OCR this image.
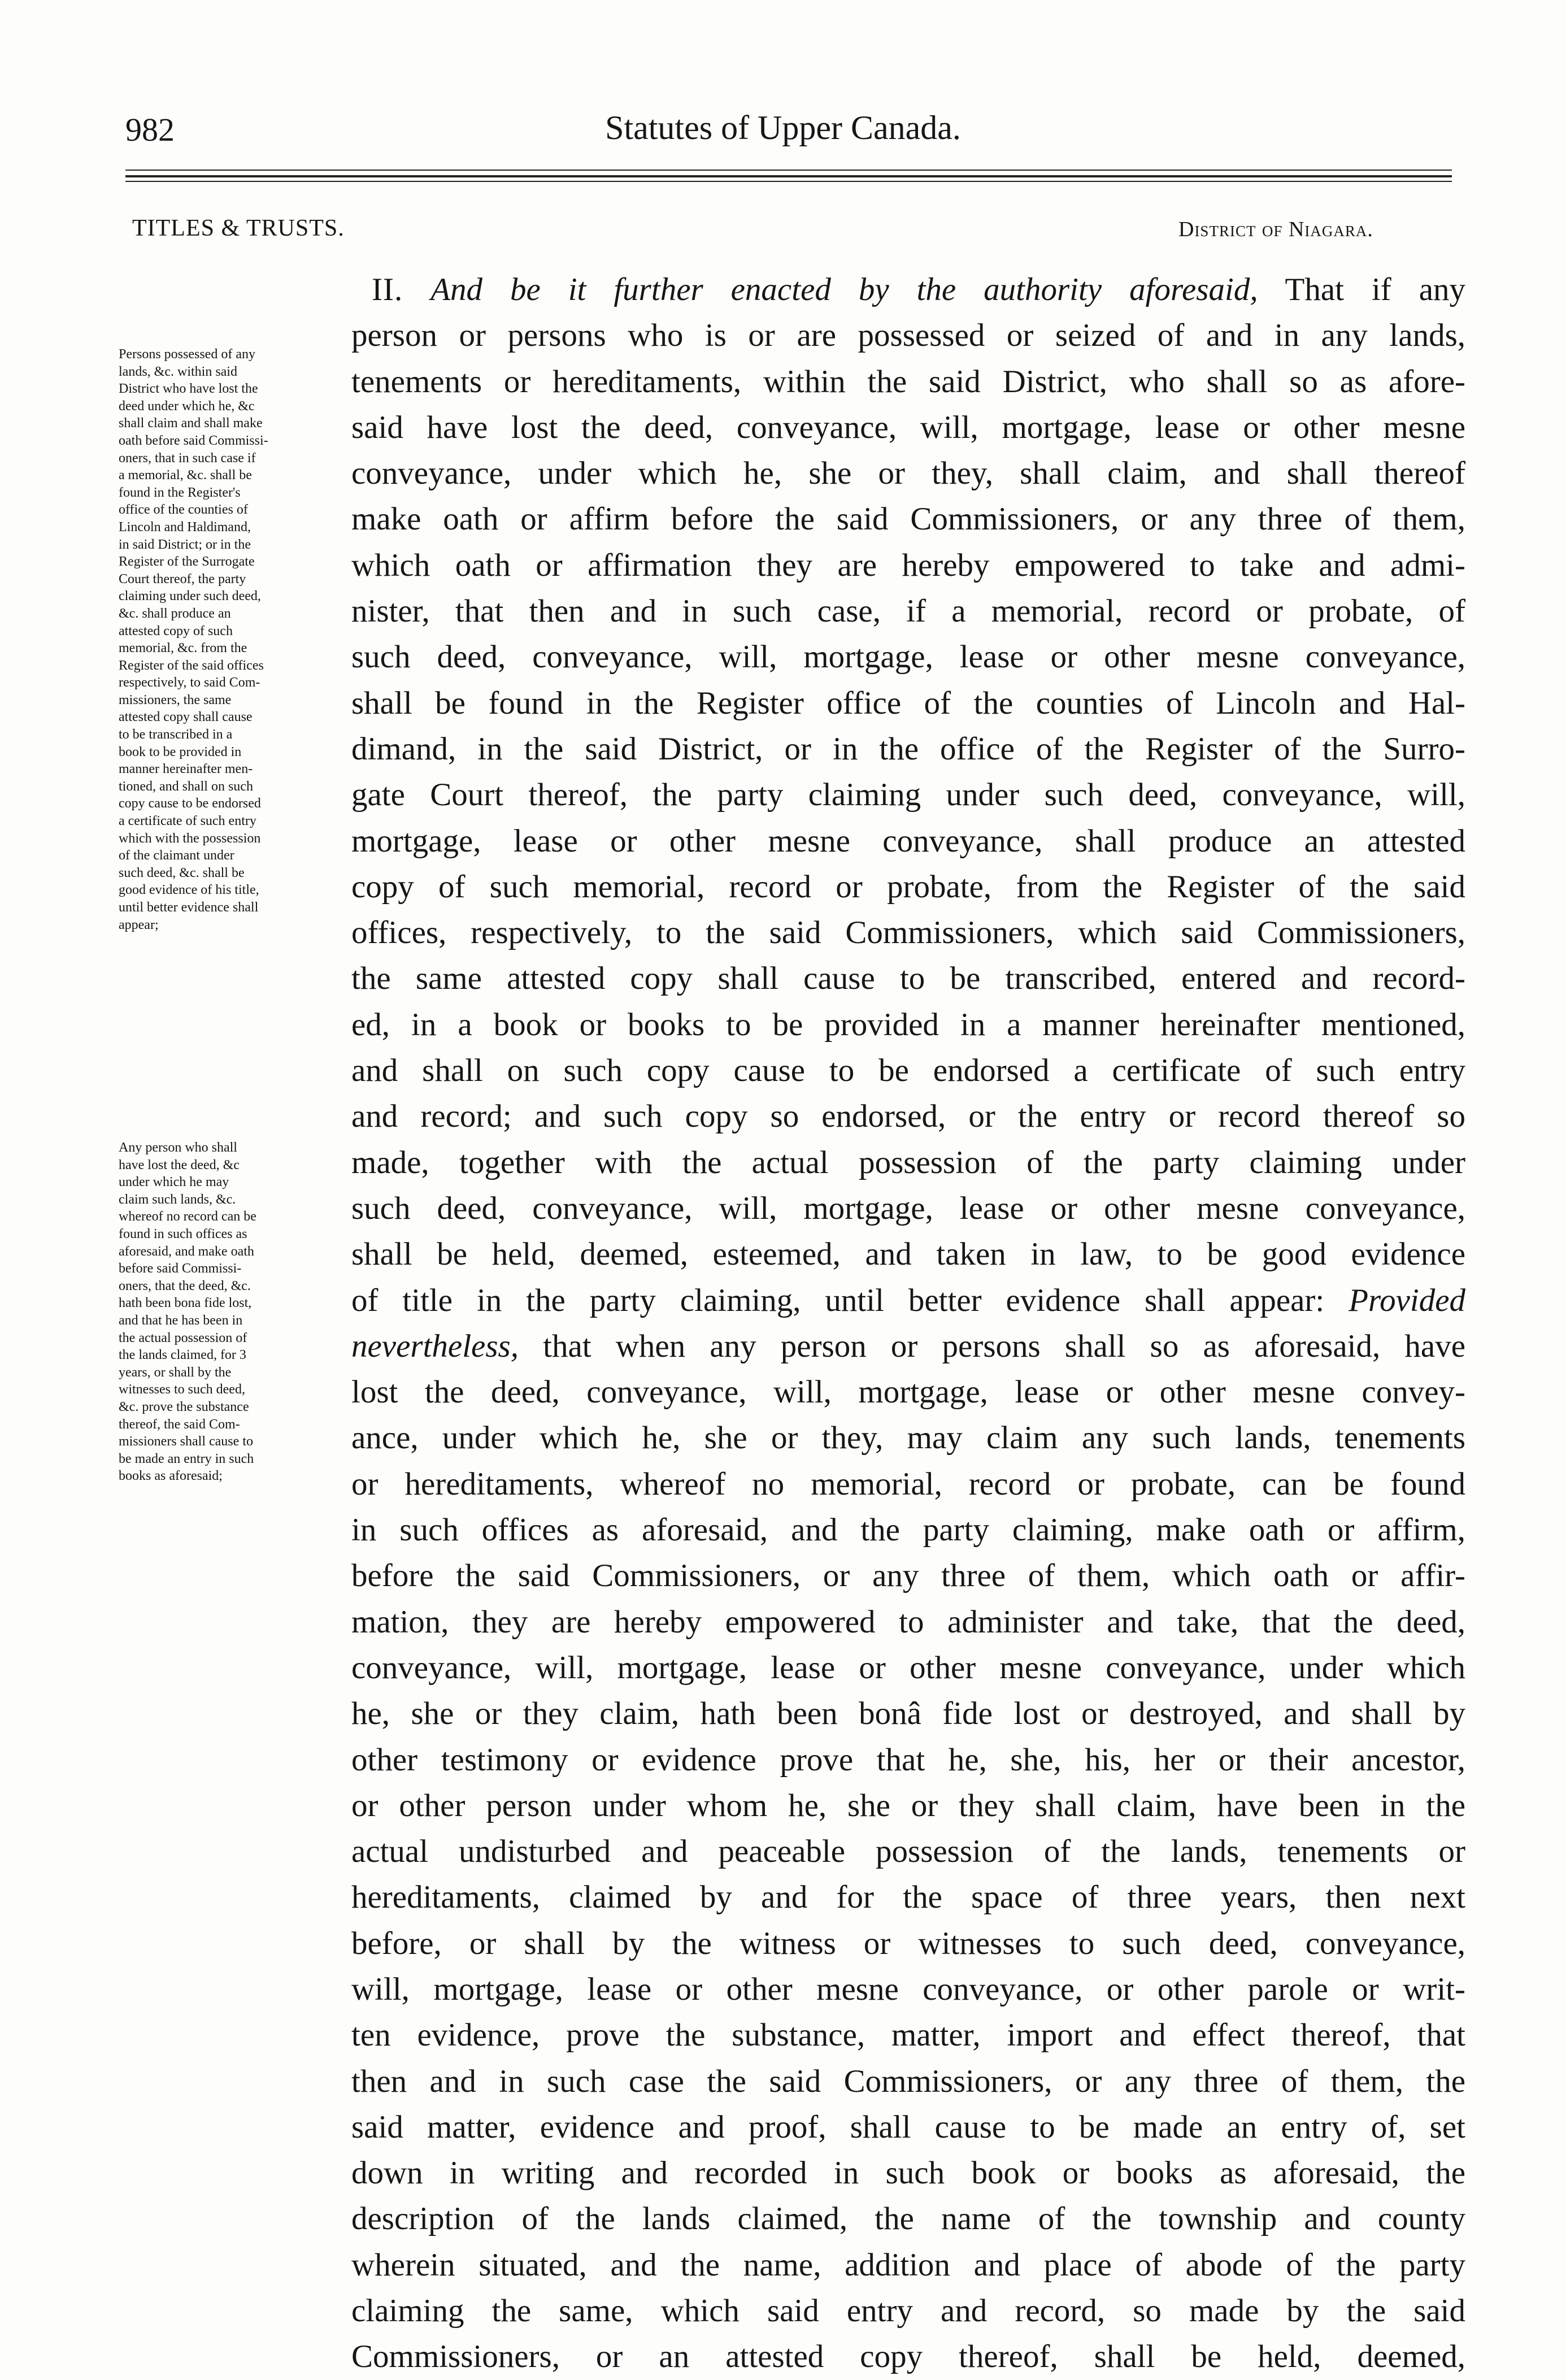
982	Statutes of Upper Canada.
TITLES & TRUSTS.	District of Niagara.
Persons possessed of any
lands, &c. within said
District who have lost the
deed under which he, &c
shall claim and shall make
oath before said Commissi-
oners, that in such case if
a memorial, &c. shall be
found in the Register's
office of the counties of
Lincoln and Haldimand,
in said District; or in the
Register of the Surrogate
Court thereof, the party
claiming under such deed,
&c. shall produce an
attested copy of such
memorial, &c. from the
Register of the said offices
respectively, to said Com-
missioners, the same
attested copy shall cause
to be transcribed in a
book to be provided in
manner hereinafter men-
tioned, and shall on such
copy cause to be endorsed
a certificate of such entry
which with the possession
of the claimant under
such deed, &c. shall be
good evidence of his title,
until better evidence shall
appear;
Any person who shall
have lost the deed, &c
under which he may
claim such lands, &c.
whereof no record can be
found in such offices as
aforesaid, and make oath
before said Commissi-
oners, that the deed, &c.
hath been bona fide lost,
and that he has been in
the actual possession of
the lands claimed, for 3
years, or shall by the
witnesses to such deed,
&c. prove the substance
thereof, the said Com-
missioners shall cause to
be made an entry in such
books as aforesaid;
II. And be it further enacted by the authority aforesaid, That if any
person or persons who is or are possessed or seized of and in any lands,
tenements or hereditaments, within the said District, who shall so as afore-
said have lost the deed, conveyance, will, mortgage, lease or other mesne
conveyance, under which he, she or they, shall claim, and shall thereof
make oath or affirm before the said Commissioners, or any three of them,
which oath or affirmation they are hereby empowered to take and admi-
nister, that then and in such case, if a memorial, record or probate, of
such deed, conveyance, will, mortgage, lease or other mesne conveyance,
shall be found in the Register office of the counties of Lincoln and Hal-
dimand, in the said District, or in the office of the Register of the Surro-
gate Court thereof, the party claiming under such deed, conveyance, will,
mortgage, lease or other mesne conveyance, shall produce an attested
copy of such memorial, record or probate, from the Register of the said
offices, respectively, to the said Commissioners, which said Commissioners,
the same attested copy shall cause to be transcribed, entered and record-
ed, in a book or books to be provided in a manner hereinafter mentioned,
and shall on such copy cause to be endorsed a certificate of such entry
and record; and such copy so endorsed, or the entry or record thereof so
made, together with the actual possession of the party claiming under
such deed, conveyance, will, mortgage, lease or other mesne conveyance,
shall be held, deemed, esteemed, and taken in law, to be good evidence
of title in the party claiming, until better evidence shall appear: Provided
nevertheless, that when any person or persons shall so as aforesaid, have
lost the deed, conveyance, will, mortgage, lease or other mesne convey-
ance, under which he, she or they, may claim any such lands, tenements
or hereditaments, whereof no memorial, record or probate, can be found
in such offices as aforesaid, and the party claiming, make oath or affirm,
before the said Commissioners, or any three of them, which oath or affir-
mation, they are hereby empowered to administer and take, that the deed,
conveyance, will, mortgage, lease or other mesne conveyance, under which
he, she or they claim, hath been bonâ fide lost or destroyed, and shall by
other testimony or evidence prove that he, she, his, her or their ancestor,
or other person under whom he, she or they shall claim, have been in the
actual undisturbed and peaceable possession of the lands, tenements or
hereditaments, claimed by and for the space of three years, then next
before, or shall by the witness or witnesses to such deed, conveyance,
will, mortgage, lease or other mesne conveyance, or other parole or writ-
ten evidence, prove the substance, matter, import and effect thereof, that
then and in such case the said Commissioners, or any three of them, the
said matter, evidence and proof, shall cause to be made an entry of, set
down in writing and recorded in such book or books as aforesaid, the
description of the lands claimed, the name of the township and county
wherein situated, and the name, addition and place of abode of the party
claiming the same, which said entry and record, so made by the said
Commissioners, or an attested copy thereof, shall be held, deemed,
